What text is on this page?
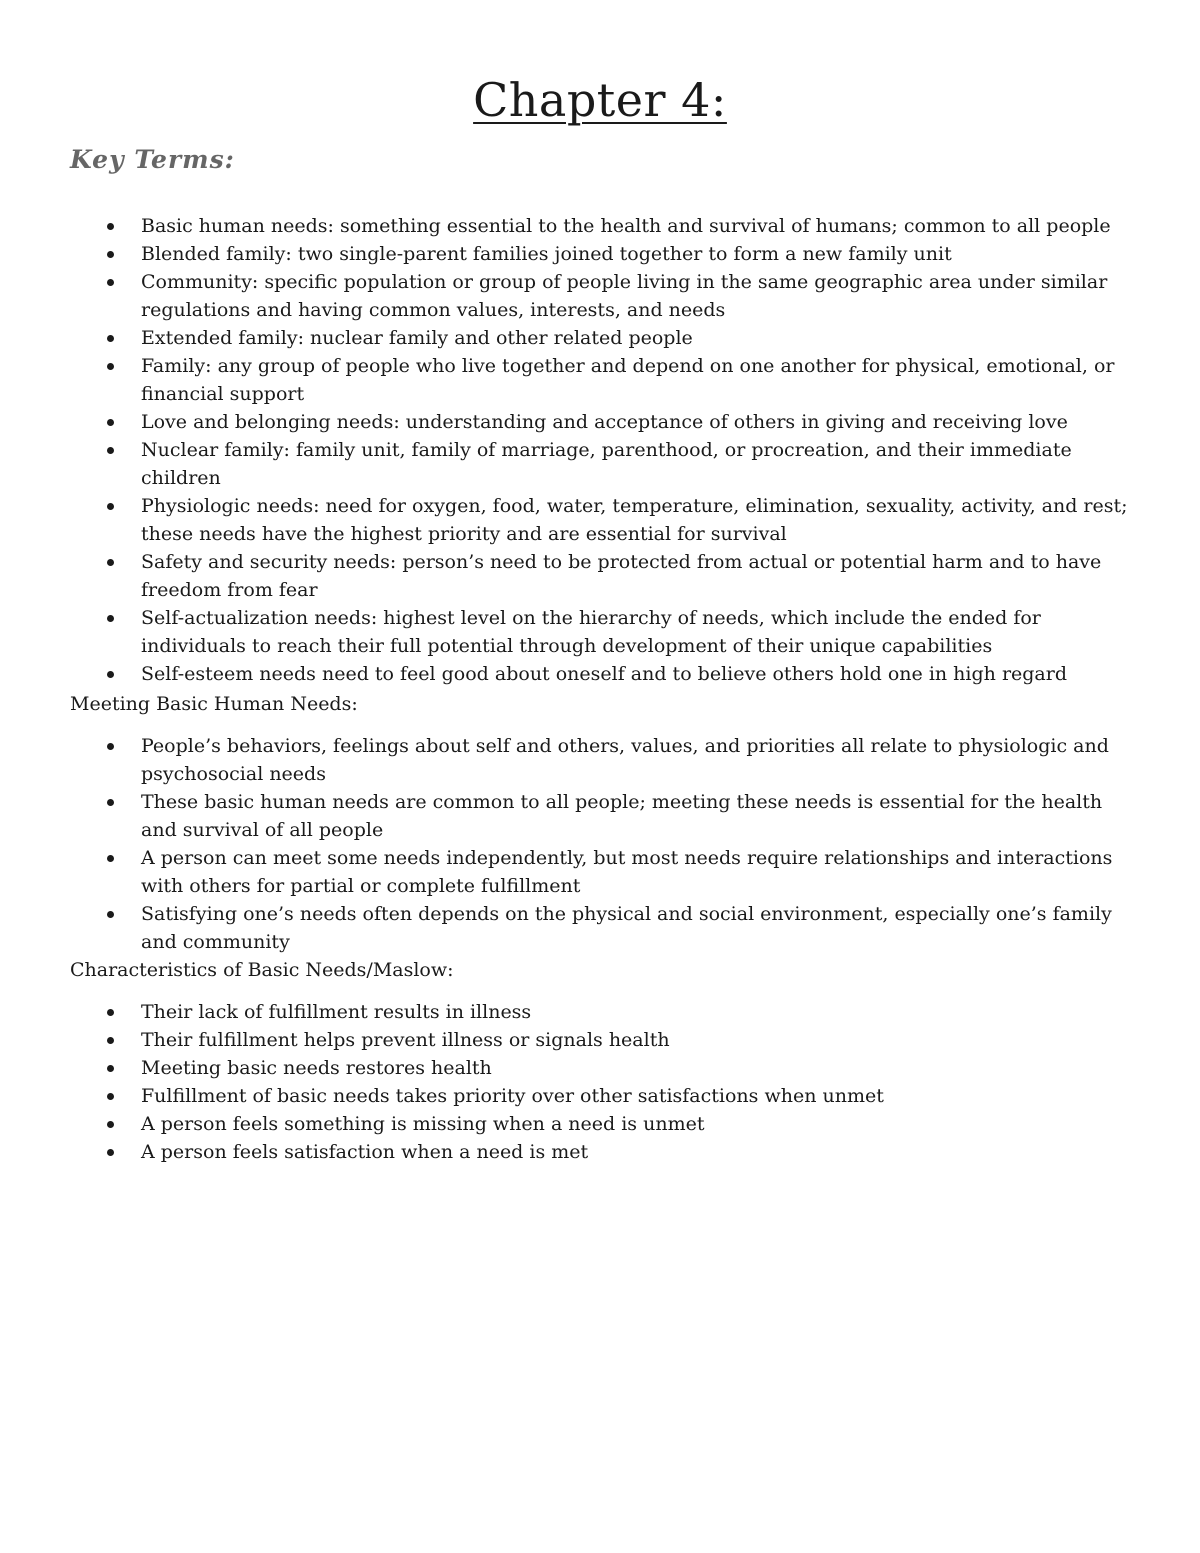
Chapter 4:
Key Terms:
Basic human needs: something essential to the health and survival of humans; common to all people
Blended family: two single-parent families joined together to form a new family unit
Community: specific population or group of people living in the same geographic area under similar regulations and having common values, interests, and needs
Extended family: nuclear family and other related people
Family: any group of people who live together and depend on one another for physical, emotional, or financial support
Love and belonging needs: understanding and acceptance of others in giving and receiving love
Nuclear family: family unit, family of marriage, parenthood, or procreation, and their immediate children
Physiologic needs: need for oxygen, food, water, temperature, elimination, sexuality, activity, and rest; these needs have the highest priority and are essential for survival
Safety and security needs: person’s need to be protected from actual or potential harm and to have freedom from fear
Self-actualization needs: highest level on the hierarchy of needs, which include the ended for individuals to reach their full potential through development of their unique capabilities
Self-esteem needs need to feel good about oneself and to believe others hold one in high regard

Meeting Basic Human Needs:

People’s behaviors, feelings about self and others, values, and priorities all relate to physiologic and psychosocial needs
These basic human needs are common to all people; meeting these needs is essential for the health and survival of all people
A person can meet some needs independently, but most needs require relationships and interactions with others for partial or complete fulfillment
Satisfying one’s needs often depends on the physical and social environment, especially one’s family and community

Characteristics of Basic Needs/Maslow:

Their lack of fulfillment results in illness
Their fulfillment helps prevent illness or signals health
Meeting basic needs restores health
Fulfillment of basic needs takes priority over other satisfactions when unmet
A person feels something is missing when a need is unmet
A person feels satisfaction when a need is met
